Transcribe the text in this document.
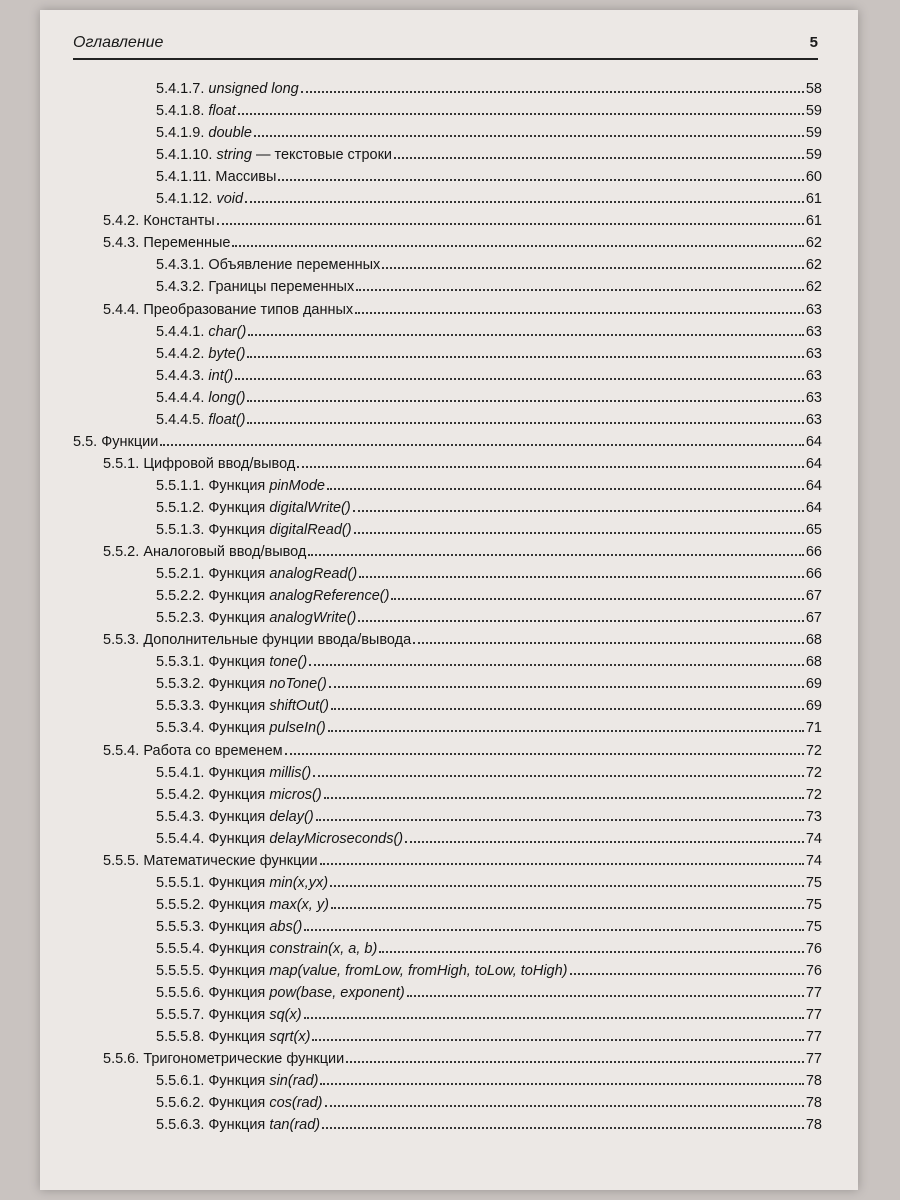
Оглавление	5
5.4.1.7. unsigned long	58
5.4.1.8. float	59
5.4.1.9. double	59
5.4.1.10. string — текстовые строки	59
5.4.1.11. Массивы	60
5.4.1.12. void	61
5.4.2. Константы	61
5.4.3. Переменные	62
5.4.3.1. Объявление переменных	62
5.4.3.2. Границы переменных	62
5.4.4. Преобразование типов данных	63
5.4.4.1. char()	63
5.4.4.2. byte()	63
5.4.4.3. int()	63
5.4.4.4. long()	63
5.4.4.5. float()	63
5.5. Функции	64
5.5.1. Цифровой ввод/вывод	64
5.5.1.1. Функция pinMode	64
5.5.1.2. Функция digitalWrite()	64
5.5.1.3. Функция digitalRead()	65
5.5.2. Аналоговый ввод/вывод	66
5.5.2.1. Функция analogRead()	66
5.5.2.2. Функция analogReference()	67
5.5.2.3. Функция analogWrite()	67
5.5.3. Дополнительные фунции ввода/вывода	68
5.5.3.1. Функция tone()	68
5.5.3.2. Функция noTone()	69
5.5.3.3. Функция shiftOut()	69
5.5.3.4. Функция pulseIn()	71
5.5.4. Работа со временем	72
5.5.4.1. Функция millis()	72
5.5.4.2. Функция micros()	72
5.5.4.3. Функция delay()	73
5.5.4.4. Функция delayMicroseconds()	74
5.5.5. Математические функции	74
5.5.5.1. Функция min(x,yx)	75
5.5.5.2. Функция max(x, y)	75
5.5.5.3. Функция abs()	75
5.5.5.4. Функция constrain(x, a, b)	76
5.5.5.5. Функция map(value, fromLow, fromHigh, toLow, toHigh)	76
5.5.5.6. Функция pow(base, exponent)	77
5.5.5.7. Функция sq(x)	77
5.5.5.8. Функция sqrt(x)	77
5.5.6. Тригонометрические функции	77
5.5.6.1. Функция sin(rad)	78
5.5.6.2. Функция cos(rad)	78
5.5.6.3. Функция tan(rad)	78
